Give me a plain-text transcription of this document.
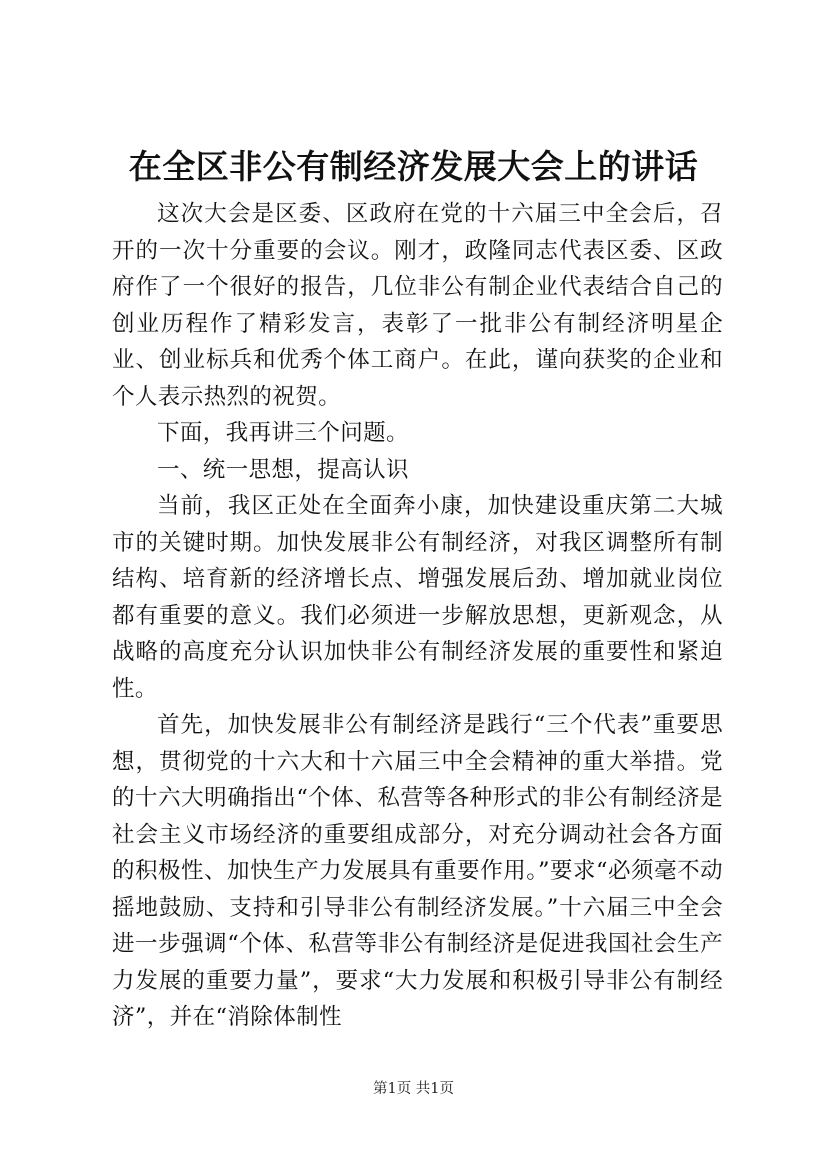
在全区非公有制经济发展大会上的讲话

这次大会是区委、区政府在党的十六届三中全会后，召开的一次十分重要的会议。刚才，政隆同志代表区委、区政府作了一个很好的报告，几位非公有制企业代表结合自己的创业历程作了精彩发言，表彰了一批非公有制经济明星企业、创业标兵和优秀个体工商户。在此，谨向获奖的企业和个人表示热烈的祝贺。

下面，我再讲三个问题。

一、统一思想，提高认识

当前，我区正处在全面奔小康，加快建设重庆第二大城市的关键时期。加快发展非公有制经济，对我区调整所有制结构、培育新的经济增长点、增强发展后劲、增加就业岗位都有重要的意义。我们必须进一步解放思想，更新观念，从战略的高度充分认识加快非公有制经济发展的重要性和紧迫性。

首先，加快发展非公有制经济是践行“三个代表”重要思想，贯彻党的十六大和十六届三中全会精神的重大举措。党的十六大明确指出“个体、私营等各种形式的非公有制经济是社会主义市场经济的重要组成部分，对充分调动社会各方面的积极性、加快生产力发展具有重要作用。”要求“必须毫不动摇地鼓励、支持和引导非公有制经济发展。”十六届三中全会进一步强调“个体、私营等非公有制经济是促进我国社会生产力发展的重要力量”，要求“大力发展和积极引导非公有制经济”，并在“消除体制性

第1页 共1页
